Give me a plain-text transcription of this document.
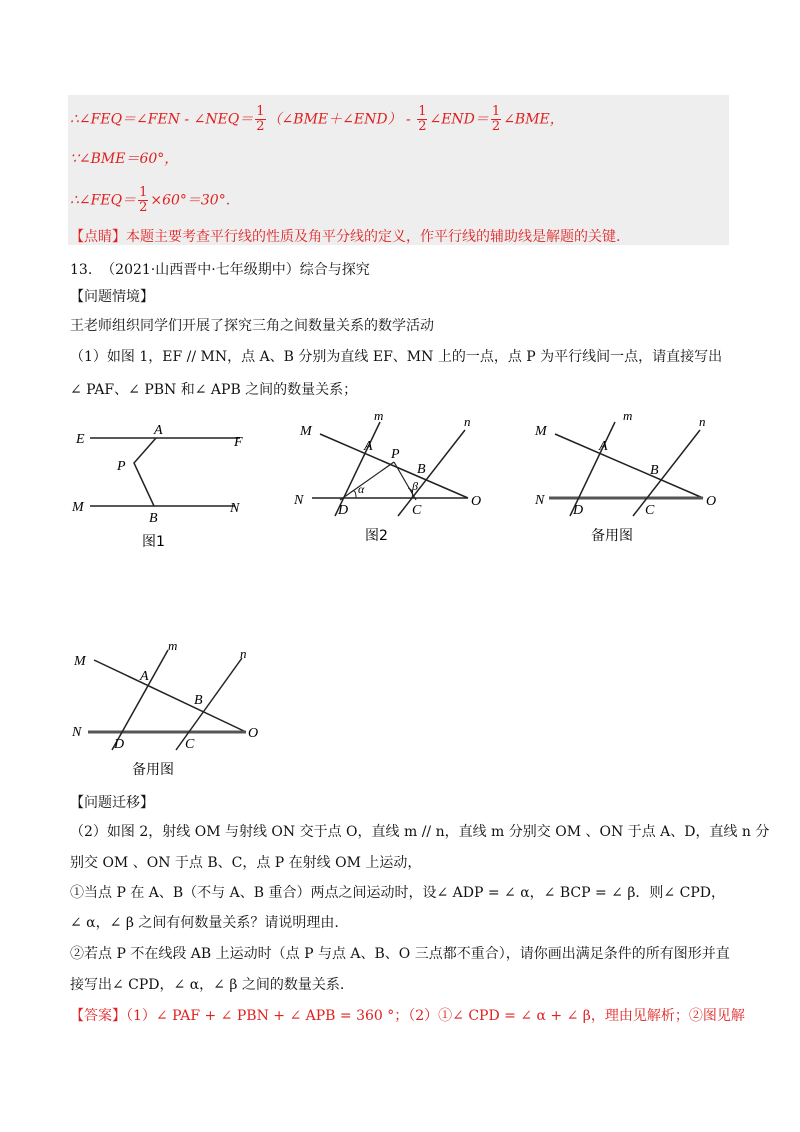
∴∠FEQ＝∠FEN - ∠NEQ＝ $\frac{1}{2}$ （∠BME＋∠END） - $\frac{1}{2}$ ∠END＝ $\frac{1}{2}$ ∠BME，
∵∠BME＝60°，
∴∠FEQ＝ $\frac{1}{2} \times 60^\circ=30^\circ$.
【点睛】本题主要考查平行线的性质及角平分线的定义，作平行线的辅助线是解题的关键.
13.  （2021·山西晋中·七年级期中）综合与探究
【问题情境】
王老师组织同学们开展了探究三角之间数量关系的数学活动
（1）如图 1，EF // MN，点 A、B 分别为直线 EF、MN 上的一点，点 P 为平行线间一点，请直接写出
∠ PAF、∠ PBN 和∠ APB 之间的数量关系；
E
A
F
P
M
B
N
图1
M
m	n
A
P
B
N	O
D	C
α	β
图2
M
m	n
A
B
N	O
D	C
备用图
M
m
n
A
B
N	O
D	C
备用图
【问题迁移】
（2）如图 2，射线 OM 与射线 ON 交于点 O，直线 m // n，直线 m 分别交 OM 、ON 于点 A、D，直线 n 分
别交 OM 、ON 于点 B、C，点 P 在射线 OM 上运动，
①当点 P 在 A、B（不与 A、B 重合）两点之间运动时，设∠ ADP = ∠ α，∠ BCP = ∠ β．则∠ CPD，
∠ α，∠ β 之间有何数量关系？请说明理由.
②若点 P 不在线段 AB 上运动时（点 P 与点 A、B、O 三点都不重合），请你画出满足条件的所有图形并直
接写出∠ CPD，∠ α，∠ β 之间的数量关系.
【答案】（1）∠ PAF + ∠ PBN + ∠ APB = 360 °；（2）①∠ CPD = ∠ α + ∠ β，理由见解析；②图见解
